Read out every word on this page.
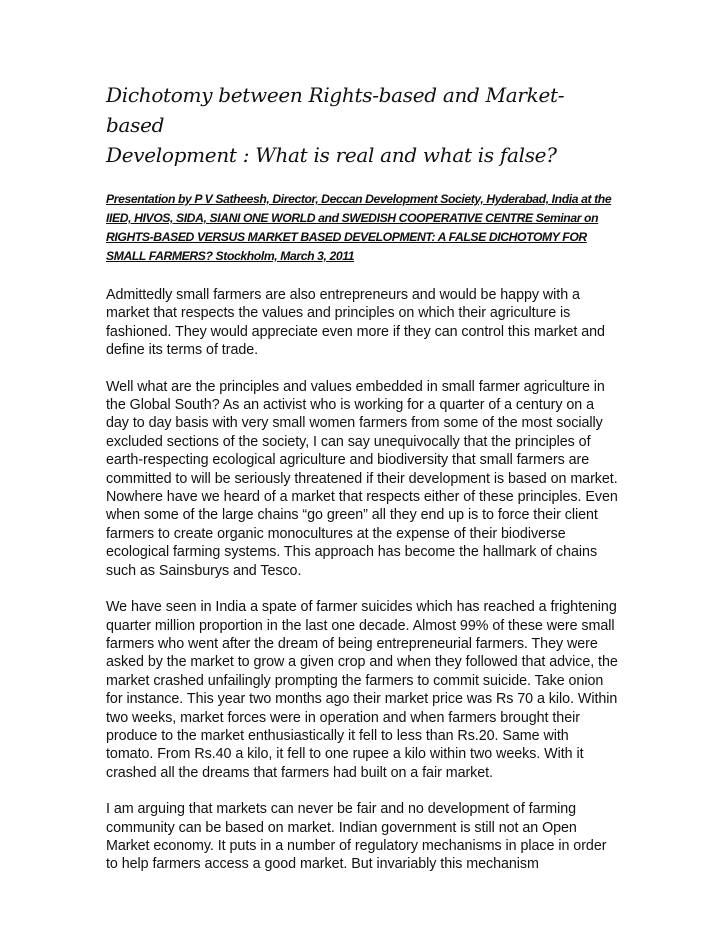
Dichotomy between Rights-based and Market- based
Development : What is real and what is false?

Presentation by P V Satheesh, Director, Deccan Development Society, Hyderabad, India at the IIED, HIVOS, SIDA, SIANI ONE WORLD and SWEDISH COOPERATIVE CENTRE Seminar on RIGHTS-BASED VERSUS MARKET BASED DEVELOPMENT: A FALSE DICHOTOMY FOR SMALL FARMERS? Stockholm, March 3, 2011

Admittedly small farmers are also entrepreneurs and would be happy with a market that respects the values and principles on which their agriculture is fashioned. They would appreciate even more if they can control this market and define its terms of trade.

Well what are the principles and values embedded in small farmer agriculture in the Global South? As an activist who is working for a quarter of a century on a day to day basis with very small women farmers from some of the most socially excluded sections of the society, I can say unequivocally that the principles of earth-respecting ecological agriculture and biodiversity that small farmers are committed to will be seriously threatened if their development is based on market. Nowhere have we heard of a market that respects either of these principles. Even when some of the large chains “go green” all they end up is to force their client farmers to create organic monocultures at the expense of their biodiverse ecological farming systems. This approach has become the hallmark of chains such as Sainsburys and Tesco.

We have seen in India a spate of farmer suicides which has reached a frightening quarter million proportion in the last one decade. Almost 99% of these were small farmers who went after the dream of being entrepreneurial farmers. They were asked by the market to grow a given crop and when they followed that advice, the market crashed unfailingly prompting the farmers to commit suicide. Take onion for instance. This year two months ago their market price was Rs 70 a kilo. Within two weeks, market forces were in operation and when farmers brought their produce to the market enthusiastically it fell to less than Rs.20. Same with tomato. From Rs.40 a kilo, it fell to one rupee a kilo within two weeks. With it crashed all the dreams that farmers had built on a fair market.

I am arguing that markets can never be fair and no development of farming community can be based on market. Indian government is still not an Open Market economy. It puts in a number of regulatory mechanisms in place in order to help farmers access a good market. But invariably this mechanism
